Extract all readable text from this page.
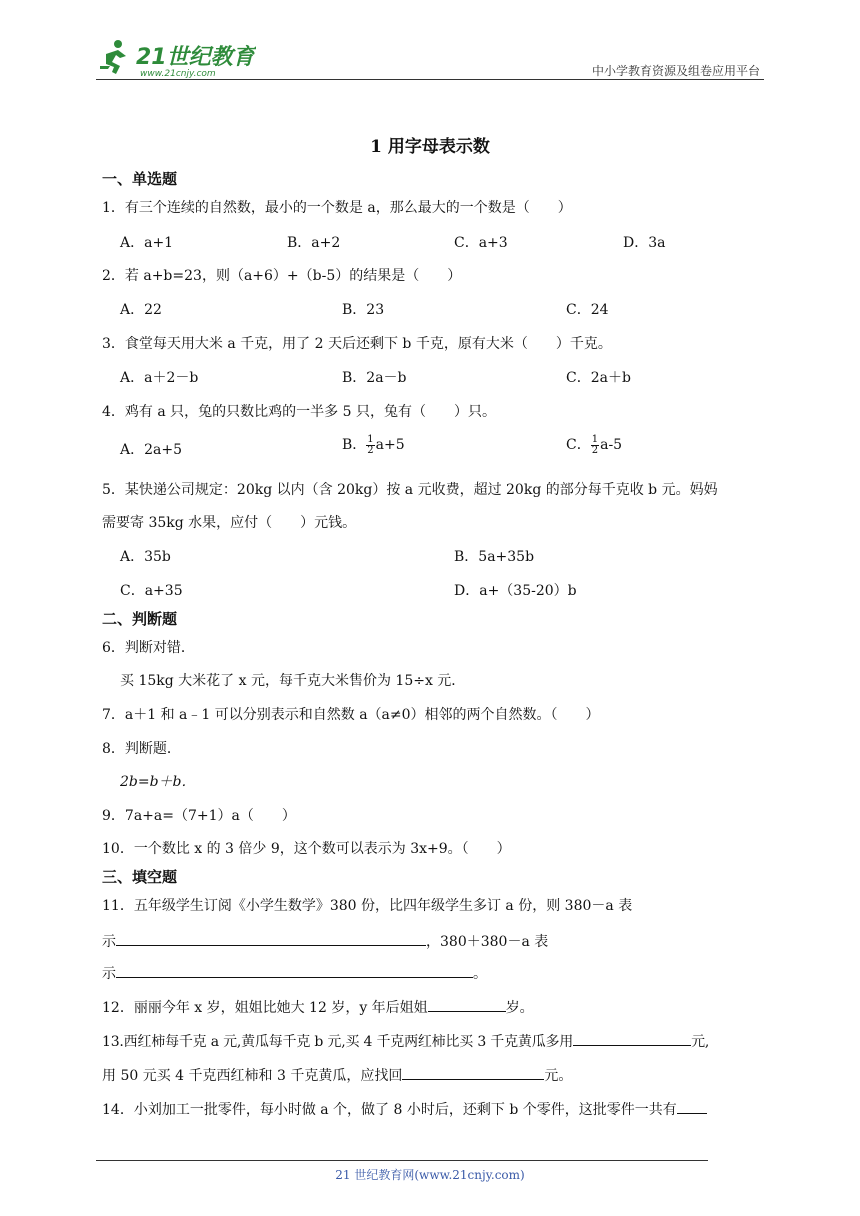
21世纪教育
www.21cnjy.com	中小学教育资源及组卷应用平台
1 用字母表示数
一、单选题
1．有三个连续的自然数，最小的一个数是 a，那么最大的一个数是（　　）
A．a+1	B．a+2	C．a+3	D．3a
2．若 a+b=23，则（a+6）+（b-5）的结果是（　　）
A．22	B．23	C．24
3．食堂每天用大米 a 千克，用了 2 天后还剩下 b 千克，原有大米（　　）千克。
A．a＋2－b	B．2a－b	C．2a＋b
4．鸡有 a 只，兔的只数比鸡的一半多 5 只，兔有（　　）只。
A．2a+5	B． $\frac{1}{2} a+5$	C． $\frac{1}{2} a-5$
5．某快递公司规定：20kg 以内（含 20kg）按 a 元收费，超过 20kg 的部分每千克收 b 元。妈妈
需要寄 35kg 水果，应付（　　）元钱。
A．35b	B．5a+35b
C．a+35	D．a+（35-20）b
二、判断题
6．判断对错．
买 15kg 大米花了 x 元，每千克大米售价为 15÷x 元．
7．a＋1 和 a﹣1 可以分别表示和自然数 a（a≠0）相邻的两个自然数。（　　）
8．判断题．
2b=b＋b．
9．7a+a=（7+1）a（　　）
10．一个数比 x 的 3 倍少 9，这个数可以表示为 3x+9。（　　）
三、填空题
11．五年级学生订阅《小学生数学》380 份，比四年级学生多订 a 份，则 380－a 表
示	，380＋380－a 表
示	。
12．丽丽今年 x 岁，姐姐比她大 12 岁，y 年后姐姐	岁。
13.西红柿每千克 a 元,黄瓜每千克 b 元,买 4 千克两红柿比买 3 千克黄瓜多用	元,
用 50 元买 4 千克西红柿和 3 千克黄瓜，应找回	元。
14．小刘加工一批零件，每小时做 a 个，做了 8 小时后，还剩下 b 个零件，这批零件一共有
21 世纪教育网(www.21cnjy.com)
